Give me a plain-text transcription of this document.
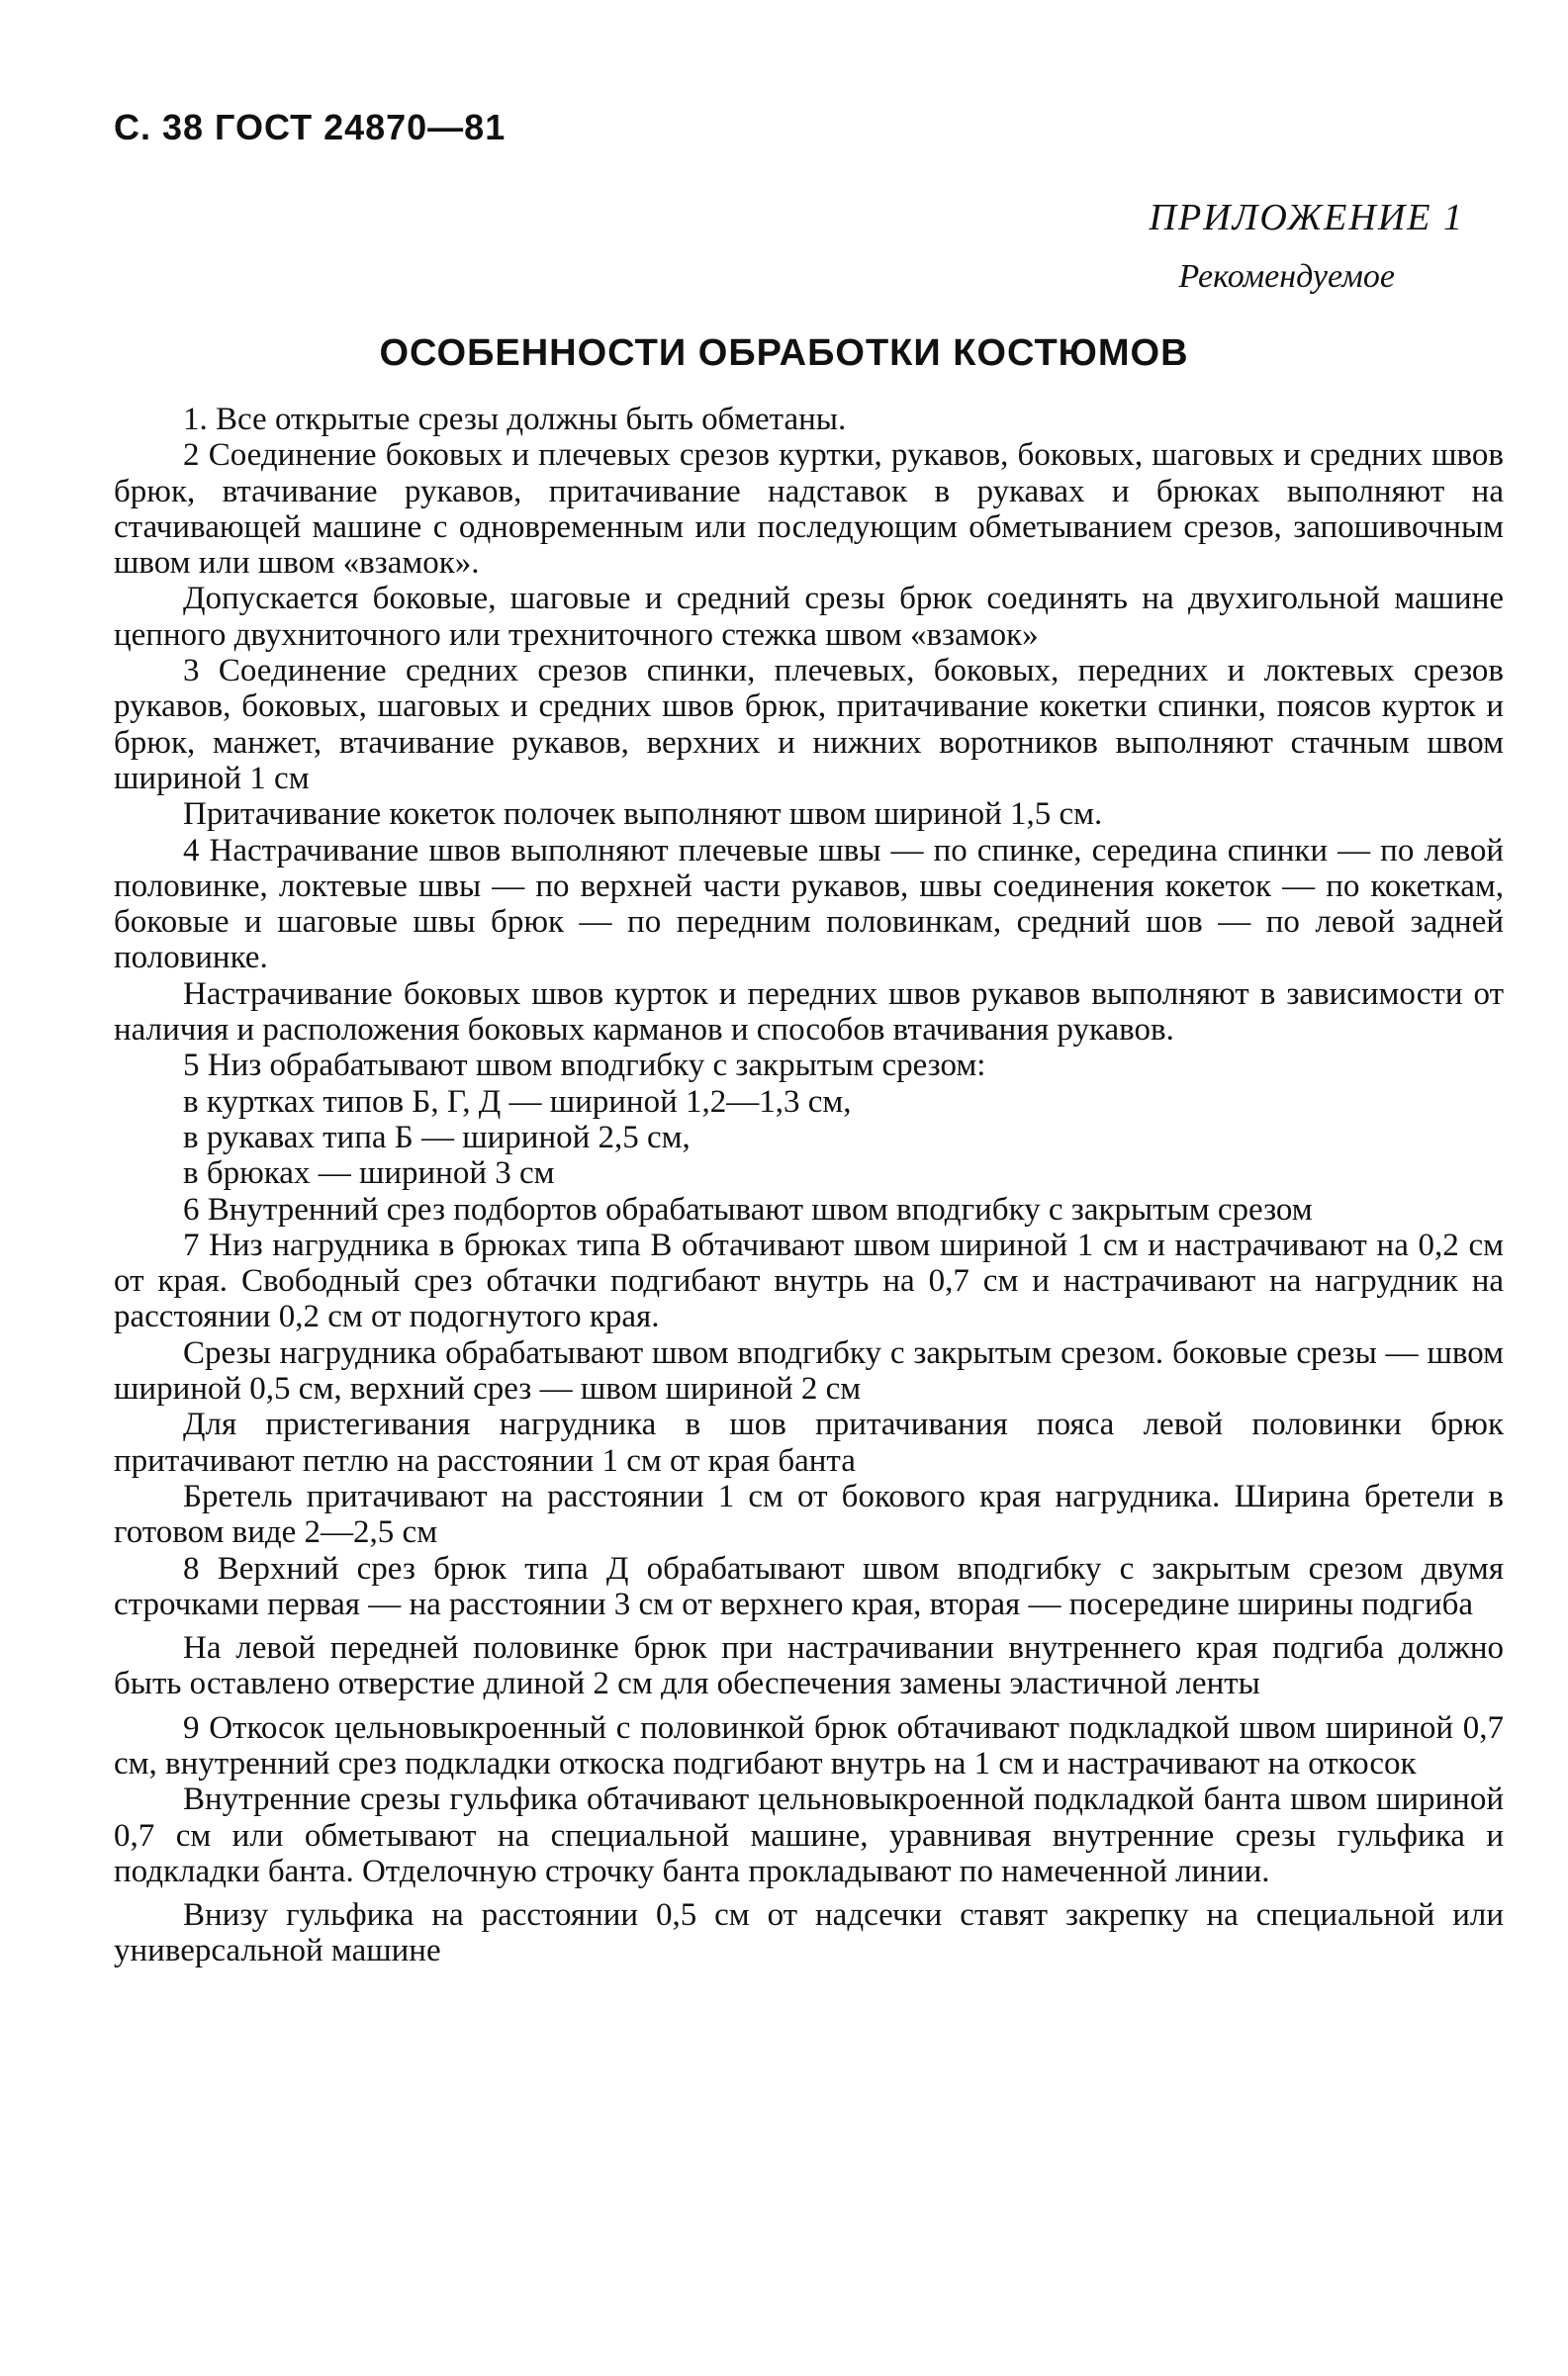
С. 38 ГОСТ 24870—81
ПРИЛОЖЕНИЕ 1
Рекомендуемое
ОСОБЕННОСТИ ОБРАБОТКИ КОСТЮМОВ

1. Все открытые срезы должны быть обметаны.

2 Соединение боковых и плечевых срезов куртки, рукавов, боковых, шаговых и средних швов брюк, втачивание рукавов, притачивание надставок в рукавах и брюках выполняют на стачивающей машине с одновременным или последующим обметыванием срезов, запошивочным швом или швом «взамок».

Допускается боковые, шаговые и средний срезы брюк соединять на двухигольной машине цепного двухниточного или трехниточного стежка швом «взамок»

3 Соединение средних срезов спинки, плечевых, боковых, передних и локтевых срезов рукавов, боковых, шаговых и средних швов брюк, притачивание кокетки спинки, поясов курток и брюк, манжет, втачивание рукавов, верхних и нижних воротников выполняют стачным швом шириной 1 см

Притачивание кокеток полочек выполняют швом шириной 1,5 см.

4 Настрачивание швов выполняют плечевые швы — по спинке, середина спинки — по левой половинке, локтевые швы — по верхней части рукавов, швы соединения кокеток — по кокеткам, боковые и шаговые швы брюк — по передним половинкам, средний шов — по левой задней половинке.

Настрачивание боковых швов курток и передних швов рукавов выполняют в зависимости от наличия и расположения боковых карманов и способов втачивания рукавов.

5 Низ обрабатывают швом вподгибку с закрытым срезом:

в куртках типов Б, Г, Д — шириной 1,2—1,3 см,

в рукавах типа Б — шириной 2,5 см,

в брюках — шириной 3 см

6 Внутренний срез подбортов обрабатывают швом вподгибку с закрытым срезом

7 Низ нагрудника в брюках типа В обтачивают швом шириной 1 см и настрачивают на 0,2 см от края. Свободный срез обтачки подгибают внутрь на 0,7 см и настрачивают на нагрудник на расстоянии 0,2 см от подогнутого края.

Срезы нагрудника обрабатывают швом вподгибку с закрытым срезом. боковые срезы — швом шириной 0,5 см, верхний срез — швом шириной 2 см

Для пристегивания нагрудника в шов притачивания пояса левой половинки брюк притачивают петлю на расстоянии 1 см от края банта

Бретель притачивают на расстоянии 1 см от бокового края нагрудника. Ширина бретели в готовом виде 2—2,5 см

8 Верхний срез брюк типа Д обрабатывают швом вподгибку с закрытым срезом двумя строчками первая — на расстоянии 3 см от верхнего края, вторая — посередине ширины подгиба

На левой передней половинке брюк при настрачивании внутреннего края подгиба должно быть оставлено отверстие длиной 2 см для обеспечения замены эластичной ленты

9 Откосок цельновыкроенный с половинкой брюк обтачивают подкладкой швом шириной 0,7 см, внутренний срез подкладки откоска подгибают внутрь на 1 см и настрачивают на откосок

Внутренние срезы гульфика обтачивают цельновыкроенной подкладкой банта швом шириной 0,7 см или обметывают на специальной машине, уравнивая внутренние срезы гульфика и подкладки банта. Отделочную строчку банта прокладывают по намеченной линии.

Внизу гульфика на расстоянии 0,5 см от надсечки ставят закрепку на специальной или универсальной машине
